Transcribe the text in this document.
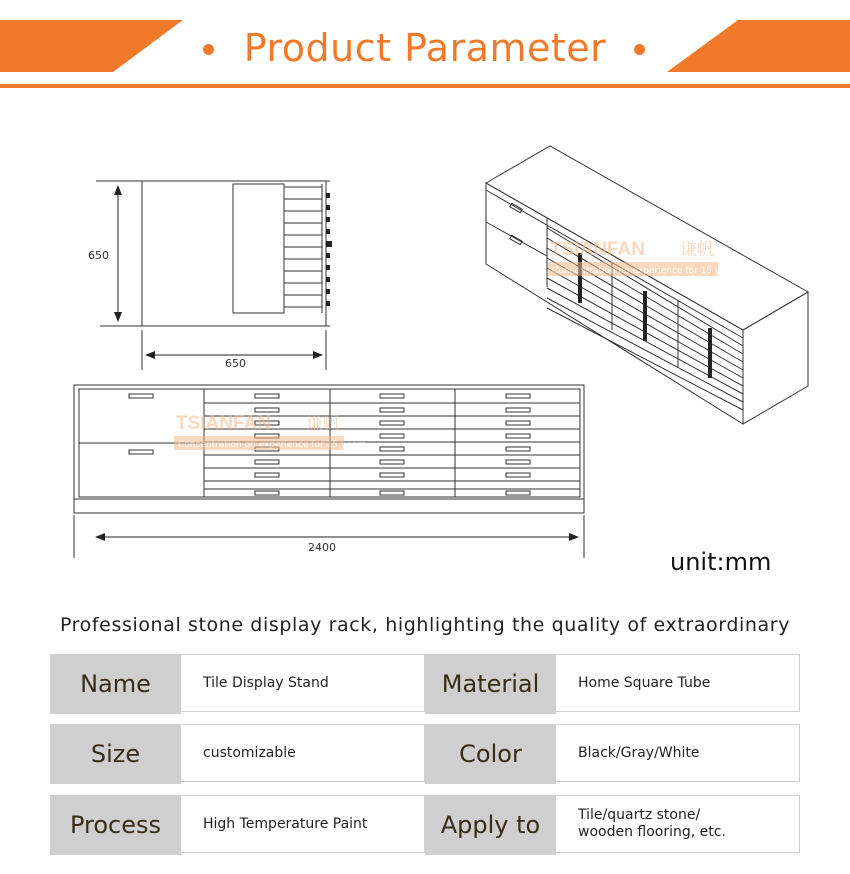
Product Parameter
650
650
2400
TSIANFAN 谦帆
Concentration on experience for 15 years
TSIANFAN 谦帆
Concentration on experience for 15 years
unit:mm
Professional stone display rack, highlighting the quality of extraordinary
Name	Tile Display Stand	Material	Home Square Tube
Size	customizable	Color	Black/Gray/White
Process	High Temperature Paint	Apply to	Tile/quartz stone/
wooden flooring, etc.
